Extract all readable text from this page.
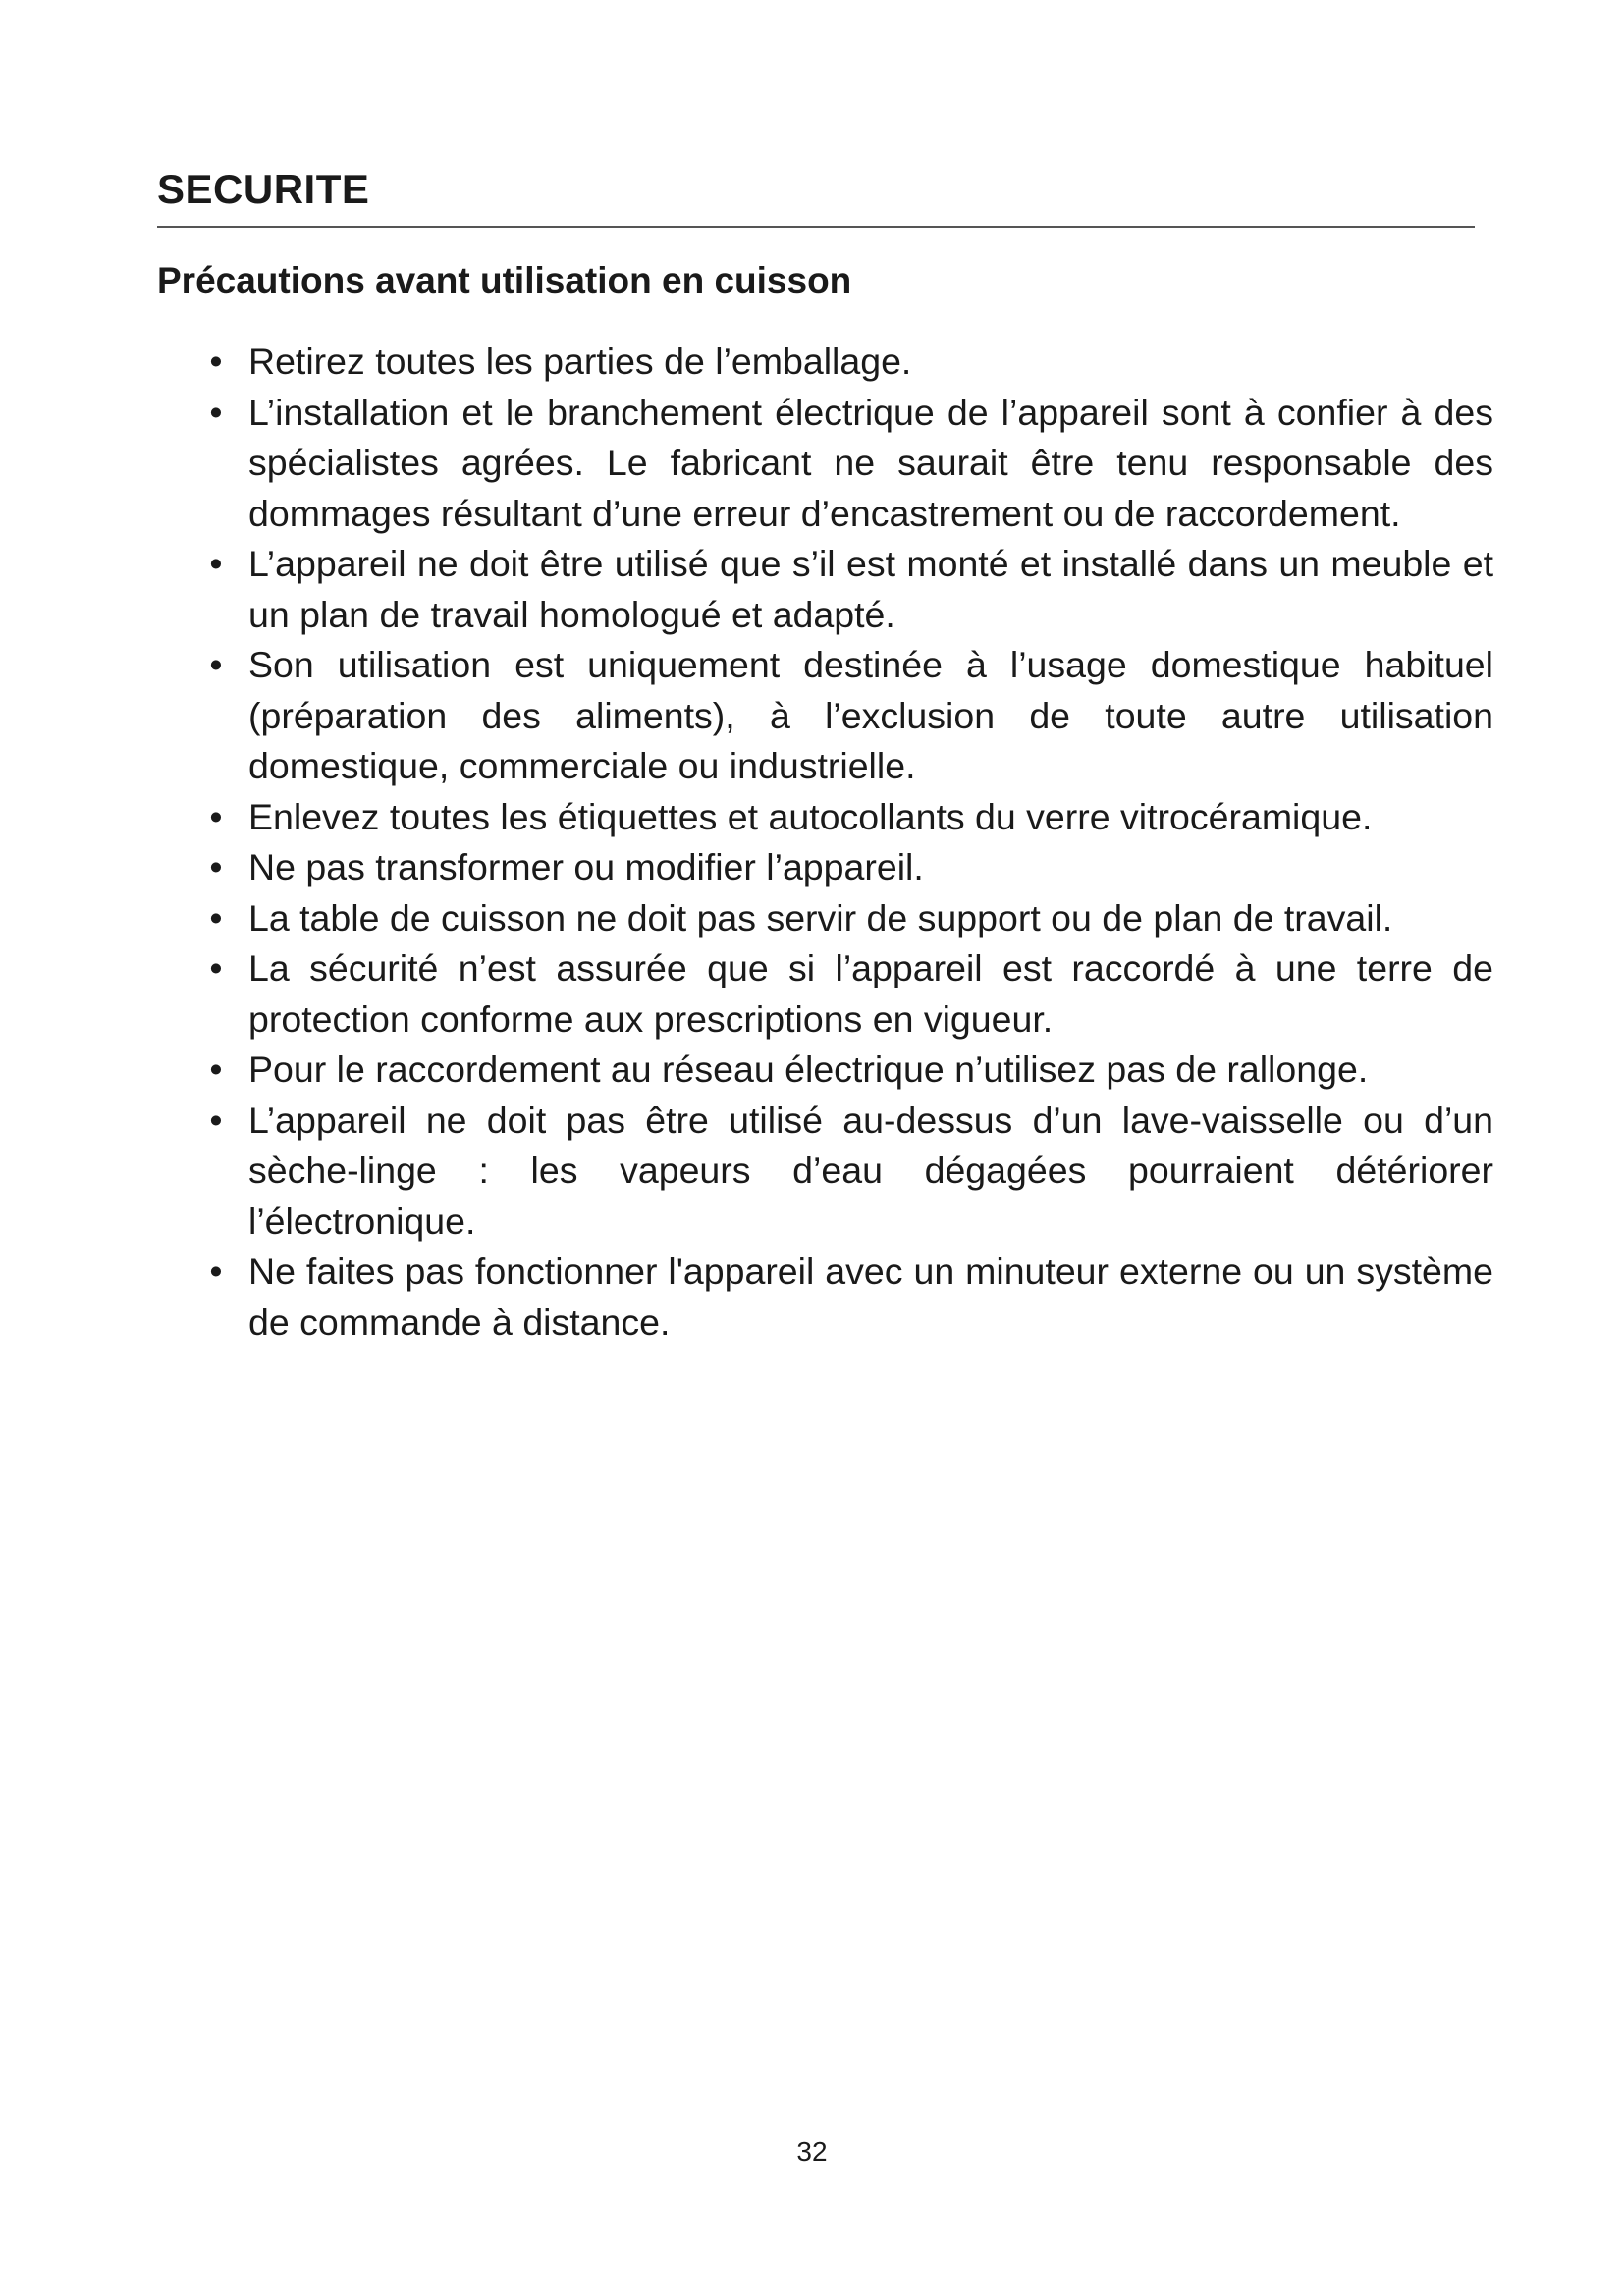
SECURITE
Précautions avant utilisation en cuisson
• Retirez toutes les parties de l’emballage.
• L’installation et le branchement électrique de l’appareil sont à confier à des spécialistes agrées. Le fabricant ne saurait être tenu responsable des dommages résultant d’une erreur d’encastrement ou de raccordement.
• L’appareil ne doit être utilisé que s’il est monté et installé dans un meuble et un plan de travail homologué et adapté.
• Son utilisation est uniquement destinée à l’usage domestique habituel (préparation des aliments), à l’exclusion de toute autre utilisation domestique, commerciale ou industrielle.
• Enlevez toutes les étiquettes et autocollants du verre vitrocéramique.
• Ne pas transformer ou modifier l’appareil.
• La table de cuisson ne doit pas servir de support ou de plan de travail.
• La sécurité n’est assurée que si l’appareil est raccordé à une terre de protection conforme aux prescriptions en vigueur.
• Pour le raccordement au réseau électrique n’utilisez pas de rallonge.
• L’appareil ne doit pas être utilisé au-dessus d’un lave-vaisselle ou d’un sèche-linge : les vapeurs d’eau dégagées pourraient détériorer l’électronique.
• Ne faites pas fonctionner l'appareil avec un minuteur externe ou un système de commande à distance.
32
